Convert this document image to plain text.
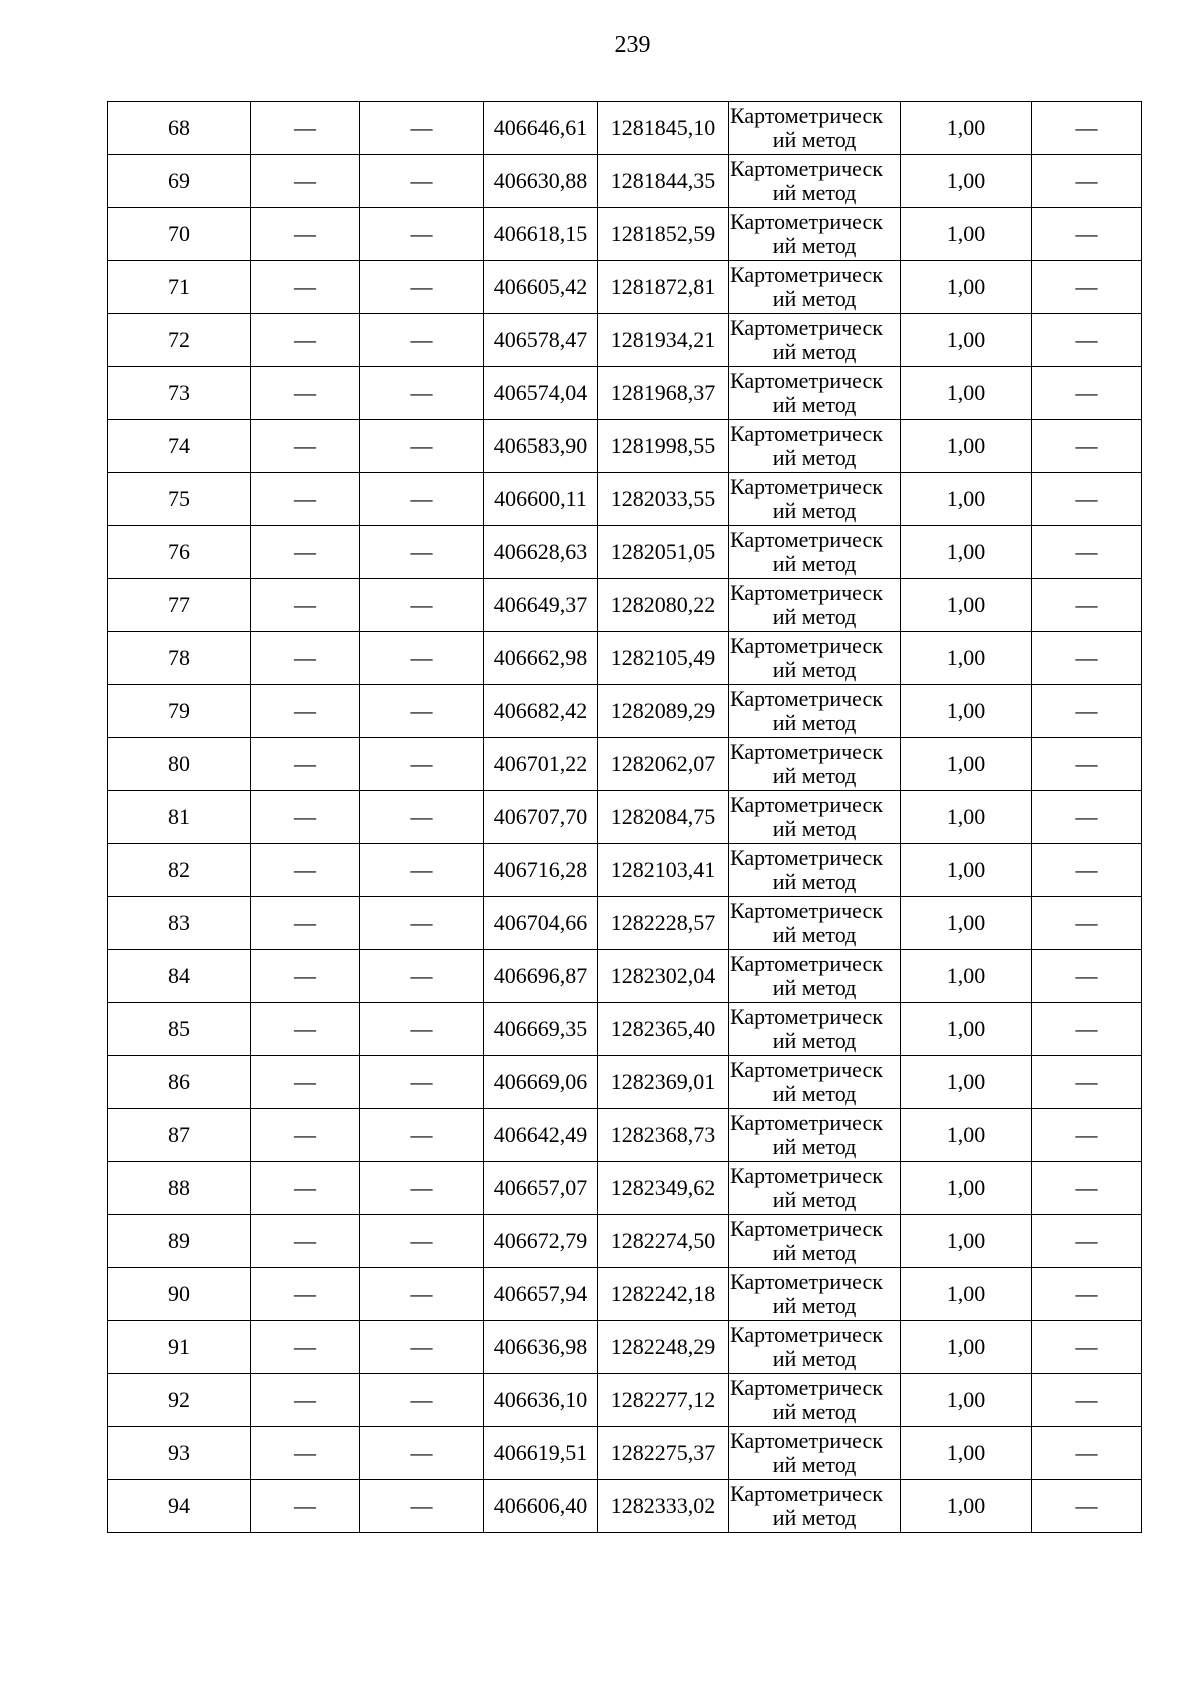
239
68	—	—	406646,61	1281845,10	Картометрическ
ий метод	1,00	—
69	—	—	406630,88	1281844,35	Картометрическ
ий метод	1,00	—
70	—	—	406618,15	1281852,59	Картометрическ
ий метод	1,00	—
71	—	—	406605,42	1281872,81	Картометрическ
ий метод	1,00	—
72	—	—	406578,47	1281934,21	Картометрическ
ий метод	1,00	—
73	—	—	406574,04	1281968,37	Картометрическ
ий метод	1,00	—
74	—	—	406583,90	1281998,55	Картометрическ
ий метод	1,00	—
75	—	—	406600,11	1282033,55	Картометрическ
ий метод	1,00	—
76	—	—	406628,63	1282051,05	Картометрическ
ий метод	1,00	—
77	—	—	406649,37	1282080,22	Картометрическ
ий метод	1,00	—
78	—	—	406662,98	1282105,49	Картометрическ
ий метод	1,00	—
79	—	—	406682,42	1282089,29	Картометрическ
ий метод	1,00	—
80	—	—	406701,22	1282062,07	Картометрическ
ий метод	1,00	—
81	—	—	406707,70	1282084,75	Картометрическ
ий метод	1,00	—
82	—	—	406716,28	1282103,41	Картометрическ
ий метод	1,00	—
83	—	—	406704,66	1282228,57	Картометрическ
ий метод	1,00	—
84	—	—	406696,87	1282302,04	Картометрическ
ий метод	1,00	—
85	—	—	406669,35	1282365,40	Картометрическ
ий метод	1,00	—
86	—	—	406669,06	1282369,01	Картометрическ
ий метод	1,00	—
87	—	—	406642,49	1282368,73	Картометрическ
ий метод	1,00	—
88	—	—	406657,07	1282349,62	Картометрическ
ий метод	1,00	—
89	—	—	406672,79	1282274,50	Картометрическ
ий метод	1,00	—
90	—	—	406657,94	1282242,18	Картометрическ
ий метод	1,00	—
91	—	—	406636,98	1282248,29	Картометрическ
ий метод	1,00	—
92	—	—	406636,10	1282277,12	Картометрическ
ий метод	1,00	—
93	—	—	406619,51	1282275,37	Картометрическ
ий метод	1,00	—
94	—	—	406606,40	1282333,02	Картометрическ
ий метод	1,00	—
